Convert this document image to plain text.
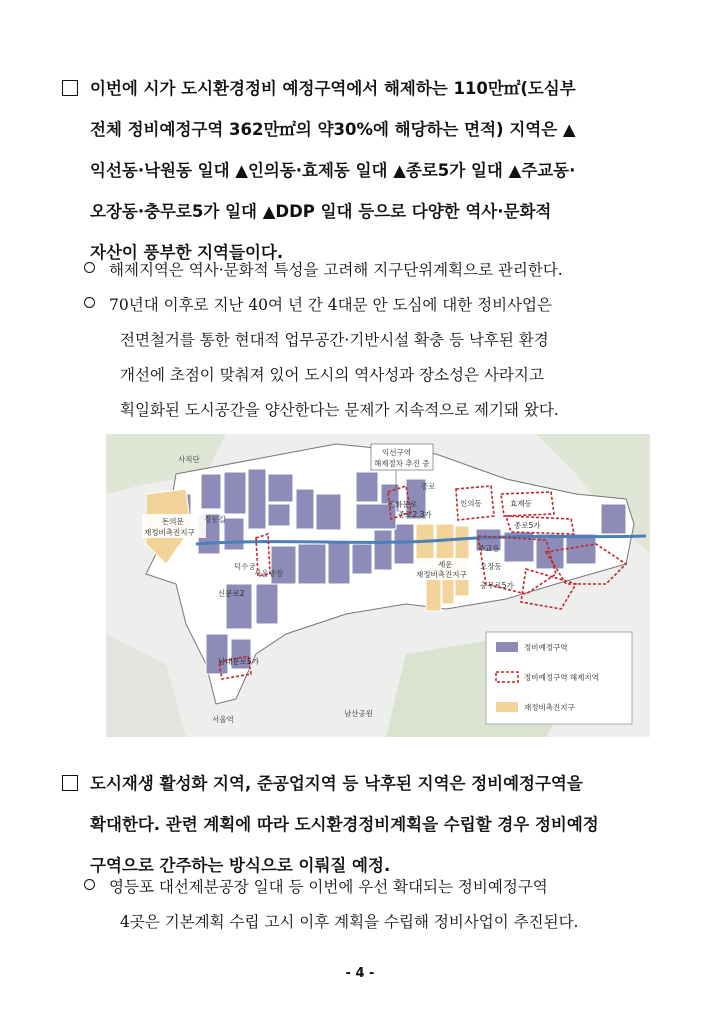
이번에 시가 도시환경정비 예정구역에서 해제하는 110만㎡(도심부
전체 정비예정구역 362만㎡의 약30%에 해당하는 면적) 지역은 ▲
익선동·낙원동 일대 ▲인의동·효제동 일대 ▲종로5가 일대 ▲주교동·
오장동·충무로5가 일대 ▲DDP 일대 등으로 다양한 역사·문화적
자산이 풍부한 지역들이다.
해제지역은 역사·문화적 특성을 고려해 지구단위계획으로 관리한다.
70년대 이후로 지난 40여 년 간 4대문 안 도심에 대한 정비사업은
전면철거를 통한 현대적 업무공간·기반시설 확충 등 낙후된 환경
개선에 초점이 맞춰져 있어 도시의 역사성과 장소성은 사라지고
획일화된 도시공간을 양산한다는 문제가 지속적으로 제기돼 왔다.
사직단
종로
익선구역
해제절차 추진 중
돈화문로
종로2.3가
인의동	효제동
종로5가
주교동
오장동
충무로5가
세운
재정비촉진지구
돈의문
재정비촉진지구
정동길
신문로2
덕수궁
서울광장
남대문로5가
서울역
남산공원
정비예정구역
정비예정구역 해제지역
재정비촉진지구
도시재생 활성화 지역, 준공업지역 등 낙후된 지역은 정비예정구역을
확대한다. 관련 계획에 따라 도시환경정비계획을 수립할 경우 정비예정
구역으로 간주하는 방식으로 이뤄질 예정.
영등포 대선제분공장 일대 등 이번에 우선 확대되는 정비예정구역
4곳은 기본계획 수립 고시 이후 계획을 수립해 정비사업이 추진된다.
- 4 -
